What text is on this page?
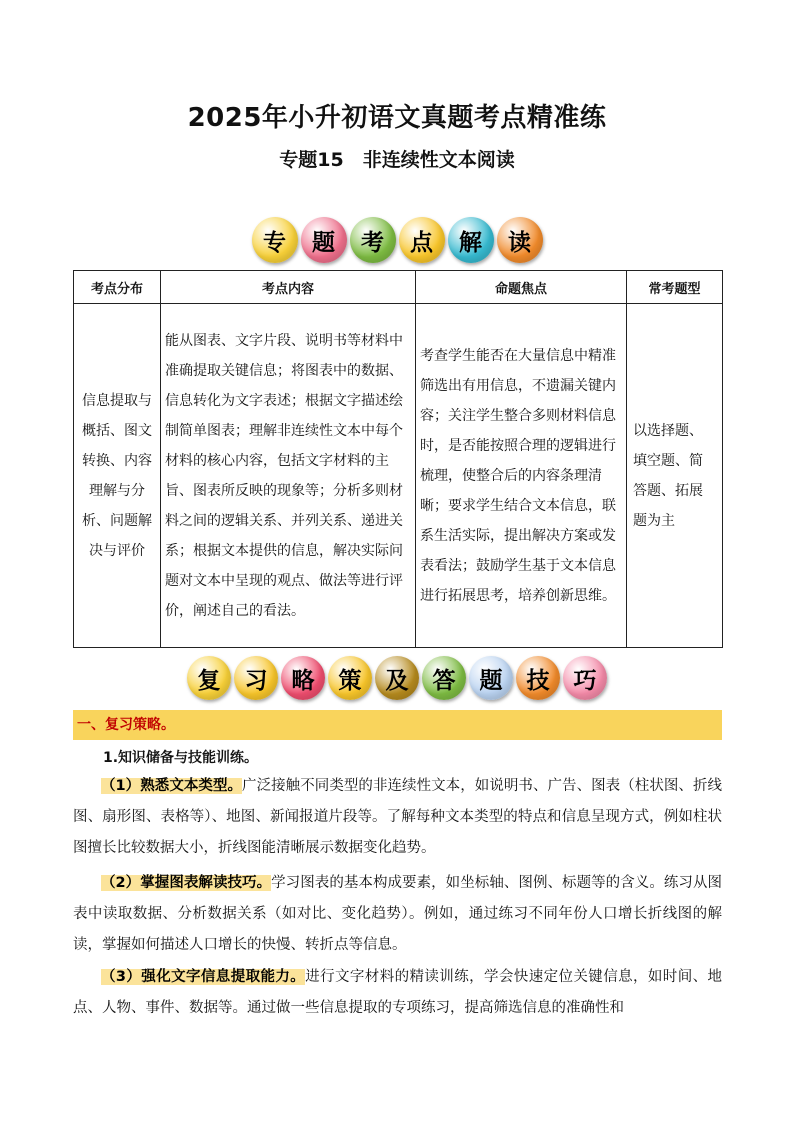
2025年小升初语文真题考点精准练
专题15　非连续性文本阅读
专	题	考	点	解	读
考点分布	考点内容	命题焦点	常考题型
信息提取与概括、图文转换、内容理解与分析、问题解决与评价	能从图表、文字片段、说明书等材料中准确提取关键信息；将图表中的数据、信息转化为文字表述；根据文字描述绘制简单图表；理解非连续性文本中每个材料的核心内容，包括文字材料的主旨、图表所反映的现象等；分析多则材料之间的逻辑关系、并列关系、递进关系；根据文本提供的信息，解决实际问题对文本中呈现的观点、做法等进行评价，阐述自己的看法。	考查学生能否在大量信息中精准筛选出有用信息，不遗漏关键内容；关注学生整合多则材料信息时，是否能按照合理的逻辑进行梳理，使整合后的内容条理清晰；要求学生结合文本信息，联系生活实际，提出解决方案或发表看法；鼓励学生基于文本信息进行拓展思考，培养创新思维。	以选择题、填空题、简答题、拓展题为主
复	习	略	策	及	答	题	技	巧
一、复习策略。
1.知识储备与技能训练。
（1）熟悉文本类型。广泛接触不同类型的非连续性文本，如说明书、广告、图表（柱状图、折线图、扇形图、表格等）、地图、新闻报道片段等。了解每种文本类型的特点和信息呈现方式，例如柱状图擅长比较数据大小，折线图能清晰展示数据变化趋势。
（2）掌握图表解读技巧。学习图表的基本构成要素，如坐标轴、图例、标题等的含义。练习从图表中读取数据、分析数据关系（如对比、变化趋势）。例如，通过练习不同年份人口增长折线图的解读，掌握如何描述人口增长的快慢、转折点等信息。
（3）强化文字信息提取能力。进行文字材料的精读训练，学会快速定位关键信息，如时间、地点、人物、事件、数据等。通过做一些信息提取的专项练习，提高筛选信息的准确性和
